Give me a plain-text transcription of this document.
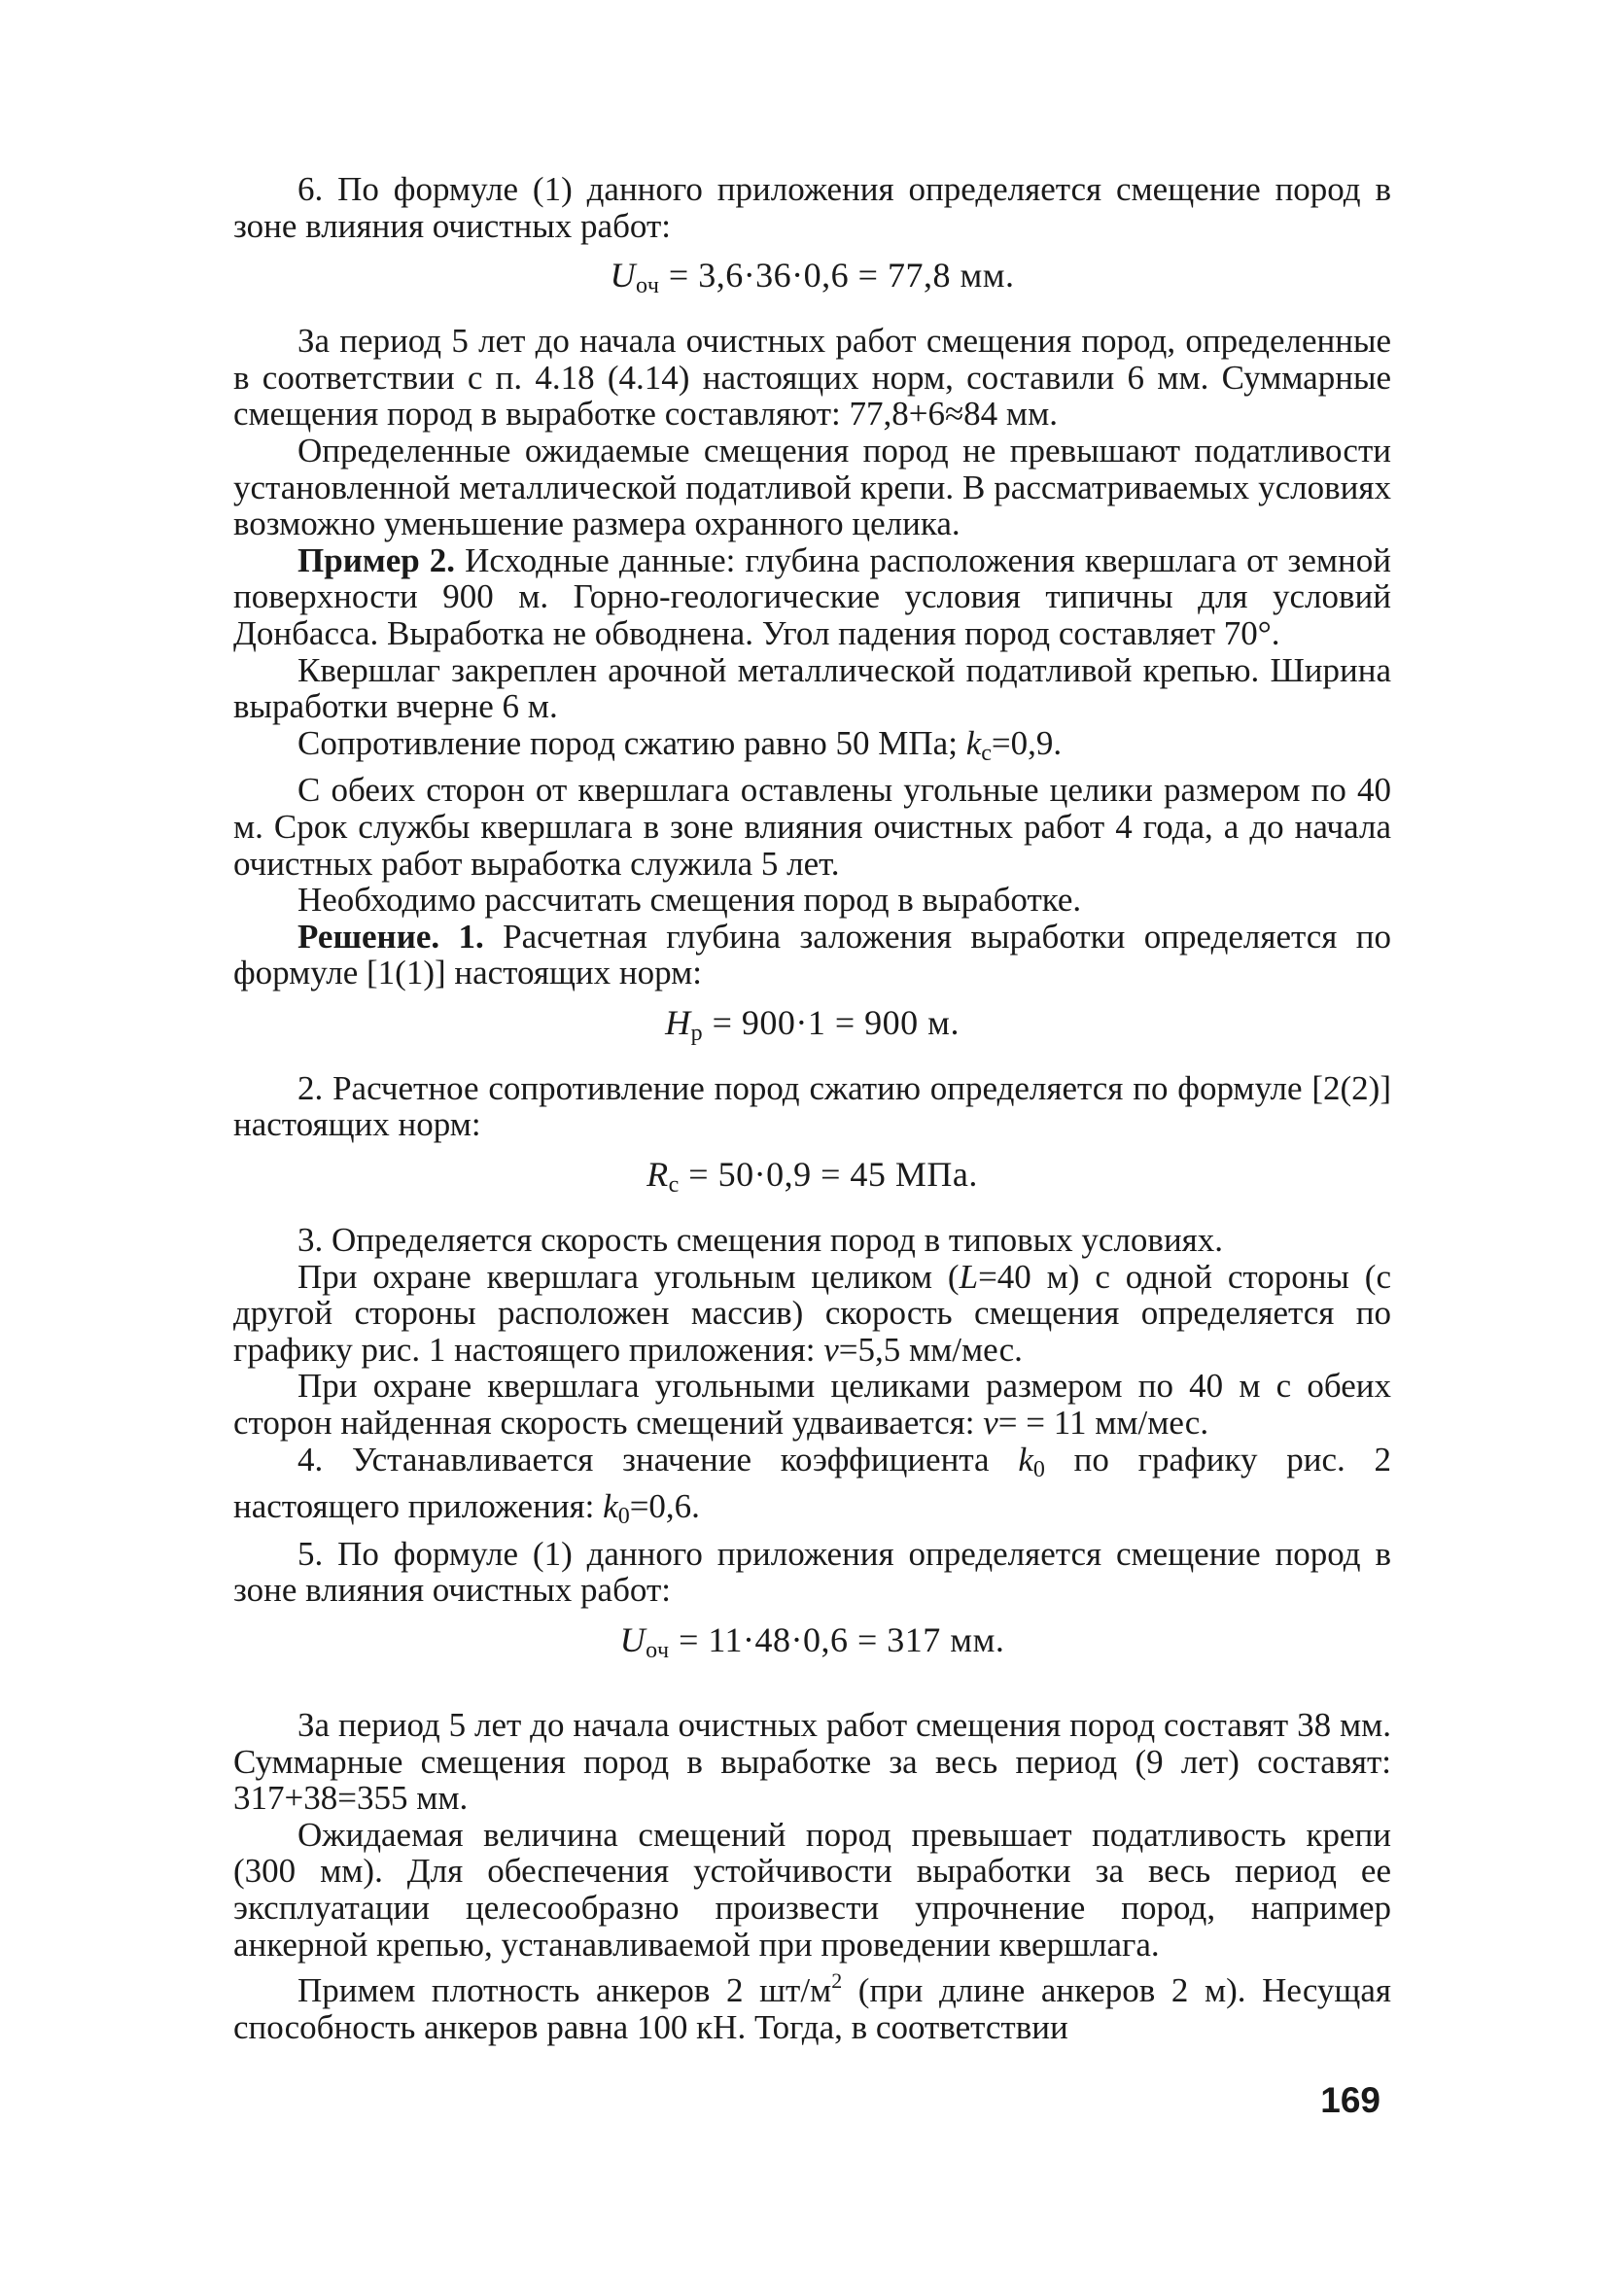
6. По формуле (1) данного приложения определяется смещение пород в зоне влияния очистных работ:

$U_{оч} = 3,6\cdot 36\cdot 0,6 = 77,8$ мм.

За период 5 лет до начала очистных работ смещения пород, определенные в соответствии с п. 4.18 (4.14) настоящих норм, составили 6 мм. Суммарные смещения пород в выработке составляют: 77,8+6≈84 мм.

Определенные ожидаемые смещения пород не превышают податливости установленной металлической податливой крепи. В рассматриваемых условиях возможно уменьшение размера охранного целика.

Пример 2. Исходные данные: глубина расположения квершлага от земной поверхности 900 м. Горно-геологические условия типичны для условий Донбасса. Выработка не обводнена. Угол падения пород составляет 70°.

Квершлаг закреплен арочной металлической податливой крепью. Ширина выработки вчерне 6 м.

Сопротивление пород сжатию равно 50 МПа; $k_с=0,9$.

С обеих сторон от квершлага оставлены угольные целики размером по 40 м. Срок службы квершлага в зоне влияния очистных работ 4 года, а до начала очистных работ выработка служила 5 лет.

Необходимо рассчитать смещения пород в выработке.

Решение. 1. Расчетная глубина заложения выработки определяется по формуле [1(1)] настоящих норм:

$H_р = 900\cdot 1 = 900$ м.

2. Расчетное сопротивление пород сжатию определяется по формуле [2(2)] настоящих норм:

$R_с = 50\cdot 0,9 = 45$ МПа.

3. Определяется скорость смещения пород в типовых условиях.

При охране квершлага угольным целиком (L=40 м) с одной стороны (с другой стороны расположен массив) скорость смещения определяется по графику рис. 1 настоящего приложения: v=5,5 мм/мес.

При охране квершлага угольными целиками размером по 40 м с обеих сторон найденная скорость смещений удваивается: v= = 11 мм/мес.

4. Устанавливается значение коэффициента $k_0$ по графику рис. 2 настоящего приложения: $k_0=0,6$.

5. По формуле (1) данного приложения определяется смещение пород в зоне влияния очистных работ:

$U_{оч} = 11\cdot 48\cdot 0,6 = 317$ мм.

За период 5 лет до начала очистных работ смещения пород составят 38 мм. Суммарные смещения пород в выработке за весь период (9 лет) составят: 317+38=355 мм.

Ожидаемая величина смещений пород превышает податливость крепи (300 мм). Для обеспечения устойчивости выработки за весь период ее эксплуатации целесообразно произвести упрочнение пород, например анкерной крепью, устанавливаемой при проведении квершлага.

Примем плотность анкеров 2 $шт/м^2$ (при длине анкеров 2 м). Несущая способность анкеров равна 100 кН. Тогда, в соответствии

169
